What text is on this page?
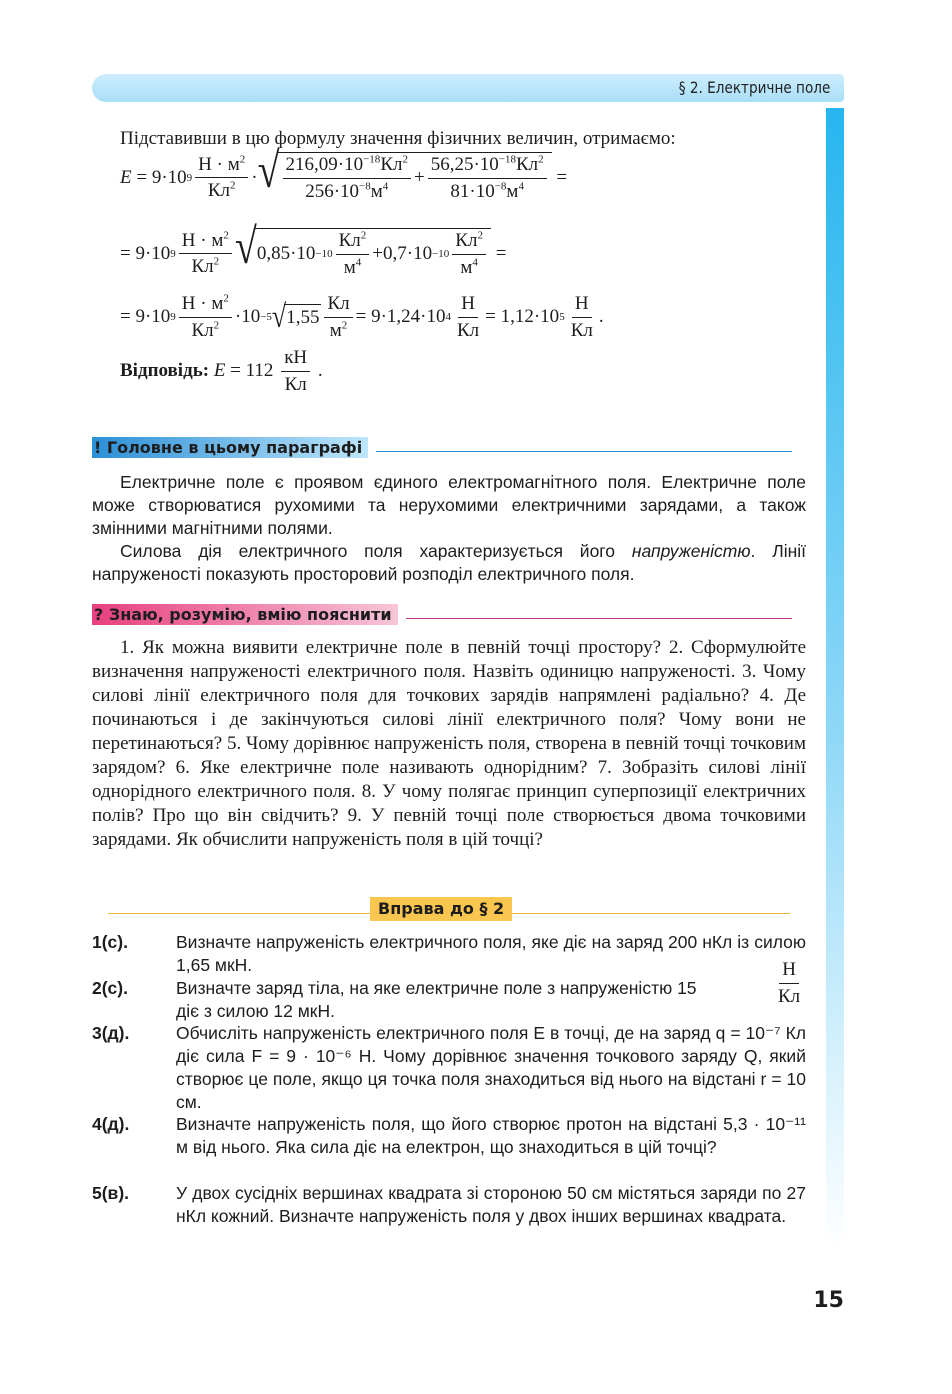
§ 2. Електричне поле
Підставивши в цю формулу значення фізичних величин, отримаємо:
E = 9·10 $9 \frac{Н \cdot м^2}{Кл^2}$ · √ $\frac{216,09\cdot 10^{-18}Кл^2}{256\cdot 10^{-8}м^4} + \frac{56,25\cdot 10^{-18}Кл^2}{81\cdot 10^{-8}м^4}$ =
= 9·10 $9 \frac{Н \cdot м^2}{Кл^2}$ √ $0,85\cdot 10 -10 \frac{Кл^2}{м^4} +0,7\cdot 10 -10 \frac{Кл^2}{м^4}$ =
= 9·10 $9 \frac{Н \cdot м^2}{Кл^2} \cdot 10 -5$ √ $1,55 \frac{Кл}{м^2} = 9\cdot 1,24\cdot 10$ $4 \frac{Н}{Кл} = 1,12\cdot 10$ $5 \frac{Н}{Кл}$ .
Відповідь:
$E = 112 \frac{кН}{Кл}$
.
! Головне в цьому параграфі

Електричне поле є проявом єдиного електромагнітного поля. Електричне поле може створюватися рухомими та нерухомими електричними зарядами, а також змінними магнітними полями.

Силова дія електричного поля характеризується його напруженістю. Лінії напруженості показують просторовий розподіл електричного поля.

? Знаю, розумію, вмію пояснити
1. Як можна виявити електричне поле в певній точці простору? 2. Сформулюйте визначення напруженості електричного поля. Назвіть одиницю напруженості. 3. Чому силові лінії електричного поля для точкових зарядів напрямлені радіально? 4. Де починаються і де закінчуються силові лінії електричного поля? Чому вони не перетинаються? 5. Чому дорівнює напруженість поля, створена в певній точці точковим зарядом? 6. Яке електричне поле називають однорідним? 7. Зобразіть силові лінії однорідного електричного поля. 8. У чому полягає принцип суперпозиції електричних полів? Про що він свідчить? 9. У певній точці поле створюється двома точковими зарядами. Як обчислити напруженість поля в цій точці?
Вправа до § 2
1(с).	Визначте напруженість електричного поля, яке діє на заряд 200 нКл із силою 1,65 мкН.
2(с).	Визначте заряд тіла, на яке електричне поле з напруженістю 15
діє з силою 12 мкН.
$\frac{Н}{Кл}$
3(д).	Обчисліть напруженість електричного поля E в точці, де на заряд q = 10⁻⁷ Кл діє сила F = 9 · 10⁻⁶ Н. Чому дорівнює значення точкового заряду Q, який створює це поле, якщо ця точка поля знаходиться від нього на відстані r = 10 см.
4(д).	Визначте напруженість поля, що його створює протон на відстані 5,3 · 10⁻¹¹ м від нього. Яка сила діє на електрон, що знаходиться в цій точці?
5(в).	У двох сусідніх вершинах квадрата зі стороною 50 см містяться заряди по 27 нКл кожний. Визначте напруженість поля у двох інших вершинах квадрата.
15
